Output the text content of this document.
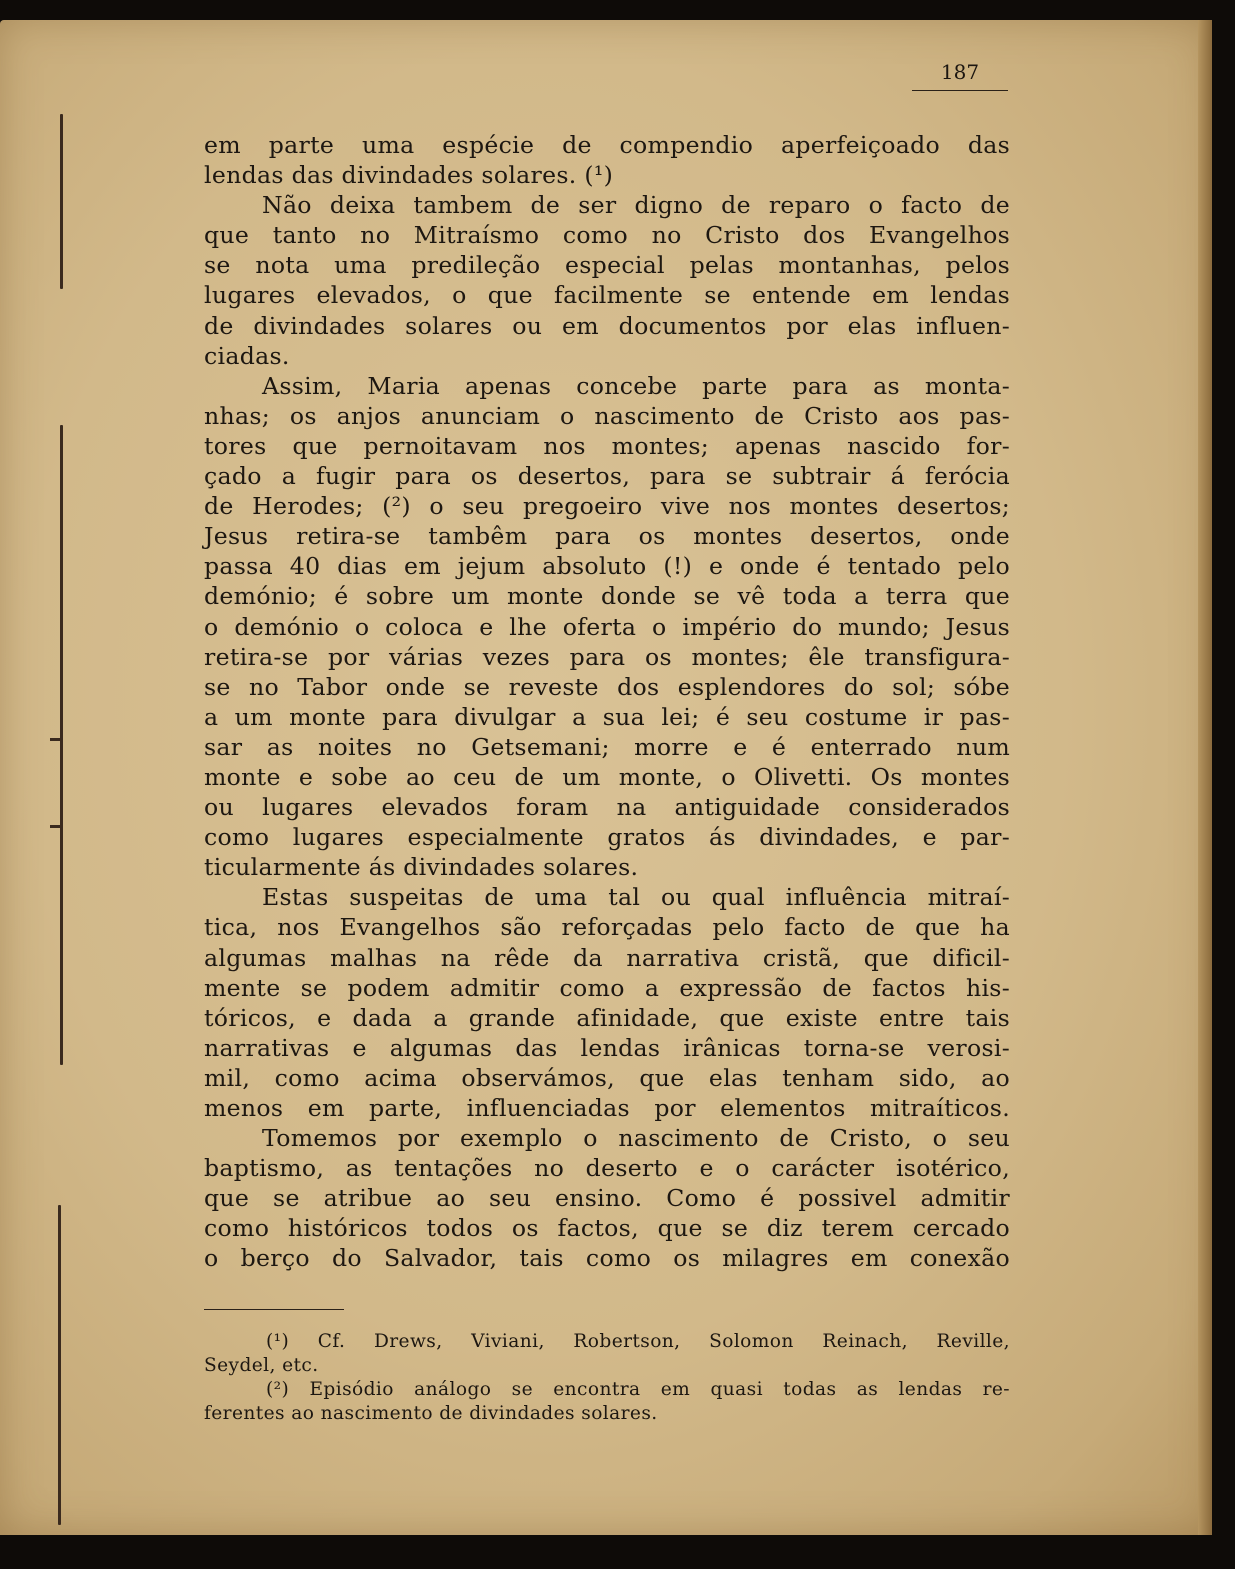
187
em parte uma espécie de compendio aperfeiçoado das
lendas das divindades solares. (¹)
Não deixa tambem de ser digno de reparo o facto de
que tanto no Mitraísmo como no Cristo dos Evangelhos
se nota uma predileção especial pelas montanhas, pelos
lugares elevados, o que facilmente se entende em lendas
de divindades solares ou em documentos por elas influen-
ciadas.
Assim, Maria apenas concebe parte para as monta-
nhas; os anjos anunciam o nascimento de Cristo aos pas-
tores que pernoitavam nos montes; apenas nascido for-
çado a fugir para os desertos, para se subtrair á ferócia
de Herodes; (²) o seu pregoeiro vive nos montes desertos;
Jesus retira-se tambêm para os montes desertos, onde
passa 40 dias em jejum absoluto (!) e onde é tentado pelo
demónio; é sobre um monte donde se vê toda a terra que
o demónio o coloca e lhe oferta o império do mundo; Jesus
retira-se por várias vezes para os montes; êle transfigura-
se no Tabor onde se reveste dos esplendores do sol; sóbe
a um monte para divulgar a sua lei; é seu costume ir pas-
sar as noites no Getsemani; morre e é enterrado num
monte e sobe ao ceu de um monte, o Olivetti. Os montes
ou lugares elevados foram na antiguidade considerados
como lugares especialmente gratos ás divindades, e par-
ticularmente ás divindades solares.
Estas suspeitas de uma tal ou qual influência mitraí-
tica, nos Evangelhos são reforçadas pelo facto de que ha
algumas malhas na rêde da narrativa cristã, que dificil-
mente se podem admitir como a expressão de factos his-
tóricos, e dada a grande afinidade, que existe entre tais
narrativas e algumas das lendas irânicas torna-se verosi-
mil, como acima observámos, que elas tenham sido, ao
menos em parte, influenciadas por elementos mitraíticos.
Tomemos por exemplo o nascimento de Cristo, o seu
baptismo, as tentações no deserto e o carácter isotérico,
que se atribue ao seu ensino. Como é possivel admitir
como históricos todos os factos, que se diz terem cercado
o berço do Salvador, tais como os milagres em conexão
(¹) Cf. Drews, Viviani, Robertson, Solomon Reinach, Reville,
Seydel, etc.
(²) Episódio análogo se encontra em quasi todas as lendas re-
ferentes ao nascimento de divindades solares.
